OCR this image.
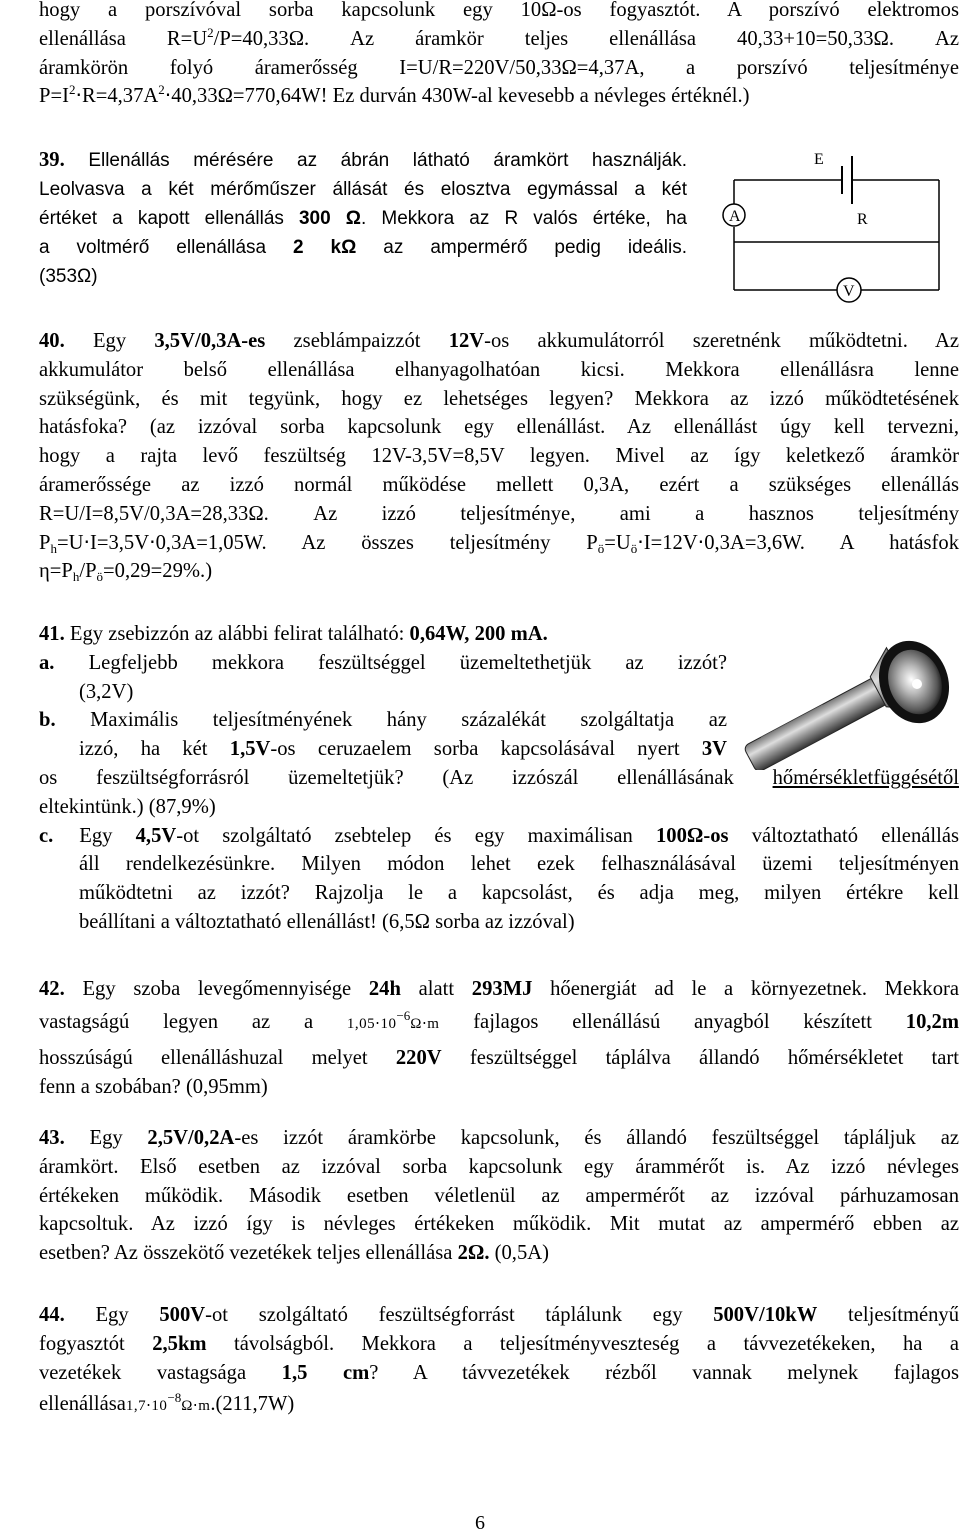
hogy a porszívóval sorba kapcsolunk egy 10Ω-os fogyasztót. A porszívó elektromos

ellenállása $R=U^2/P=40,33\Omega$. Az áramkör teljes ellenállása 40,33+10=50,33Ω. Az

áramkörön folyó áramerősség I=U/R=220V/50,33Ω=4,37A, a porszívó teljesítménye

$P=I^2\cdot R=4,37A^2\cdot 40,33\Omega=770,64W$! Ez durván 430W-al kevesebb a névleges értéknél.)

39. Ellenállás mérésére az ábrán látható áramkört használják.

Leolvasva a két mérőműszer állását és elosztva egymással a két

értéket a kapott ellenállás 300 Ω. Mekkora az R valós értéke, ha

a voltmérő ellenállása 2 kΩ az ampermérő pedig ideális.

(353Ω)

E
A	R
V

40. Egy 3,5V/0,3A-es zseblámpaizzót 12V-os akkumulátorról szeretnénk működtetni. Az

akkumulátor belső ellenállása elhanyagolhatóan kicsi. Mekkora ellenállásra lenne

szükségünk, és mit tegyünk, hogy ez lehetséges legyen? Mekkora az izzó működtetésének

hatásfoka? (az izzóval sorba kapcsolunk egy ellenállást. Az ellenállást úgy kell tervezni,

hogy a rajta levő feszültség 12V-3,5V=8,5V legyen. Mivel az így keletkező áramkör

áramerőssége az izzó normál működése mellett 0,3A, ezért a szükséges ellenállás

R=U/I=8,5V/0,3A=28,33Ω. Az izzó teljesítménye, ami a hasznos teljesítmény

$P_h=U\cdot I=3,5V\cdot 0,3A=1,05W$. Az összes teljesítmény $P_ö=U_ö\cdot I=12V\cdot 0,3A=3,6W$. A hatásfok

$\eta=P_h/P_ö=0,29=29\%$.)

41. Egy zsebizzón az alábbi felirat található: 0,64W, 200 mA.

a. Legfeljebb mekkora feszültséggel üzemeltethetjük az izzót?

(3,2V)

b. Maximális teljesítményének hány százalékát szolgáltatja az

izzó, ha két 1,5V-os ceruzaelem sorba kapcsolásával nyert 3V

os feszültségforrásról üzemeltetjük? (Az izzószál ellenállásának hőmérsékletfüggésétől

eltekintünk.) (87,9%)

c. Egy 4,5V-ot szolgáltató zsebtelep és egy maximálisan 100Ω-os változtatható ellenállás

áll rendelkezésünkre. Milyen módon lehet ezek felhasználásával üzemi teljesítményen

működtetni az izzót? Rajzolja le a kapcsolást, és adja meg, milyen értékre kell

beállítani a változtatható ellenállást! (6,5Ω sorba az izzóval)

42. Egy szoba levegőmennyisége 24h alatt 293MJ hőenergiát ad le a környezetnek. Mekkora

vastagságú legyen az a $1,05\cdot 10^{-6}\Omega\cdot m$ fajlagos ellenállású anyagból készített 10,2m

hosszúságú ellenálláshuzal melyet 220V feszültséggel táplálva állandó hőmérsékletet tart

fenn a szobában? (0,95mm)

43. Egy 2,5V/0,2A-es izzót áramkörbe kapcsolunk, és állandó feszültséggel tápláljuk az

áramkört. Első esetben az izzóval sorba kapcsolunk egy árammérőt is. Az izzó névleges

értékeken működik. Második esetben véletlenül az ampermérőt az izzóval párhuzamosan

kapcsoltuk. Az izzó így is névleges értékeken működik. Mit mutat az ampermérő ebben az

esetben? Az összekötő vezetékek teljes ellenállása 2Ω. (0,5A)

44. Egy 500V-ot szolgáltató feszültségforrást táplálunk egy 500V/10kW teljesítményű

fogyasztót 2,5km távolságból. Mekkora a teljesítményveszteség a távvezetékeken, ha a

vezetékek vastagsága 1,5 cm? A távvezetékek rézből vannak melynek fajlagos

$ellenállása1,7\cdot 10^{-8}\Omega\cdot m.(211,7W)$

6
